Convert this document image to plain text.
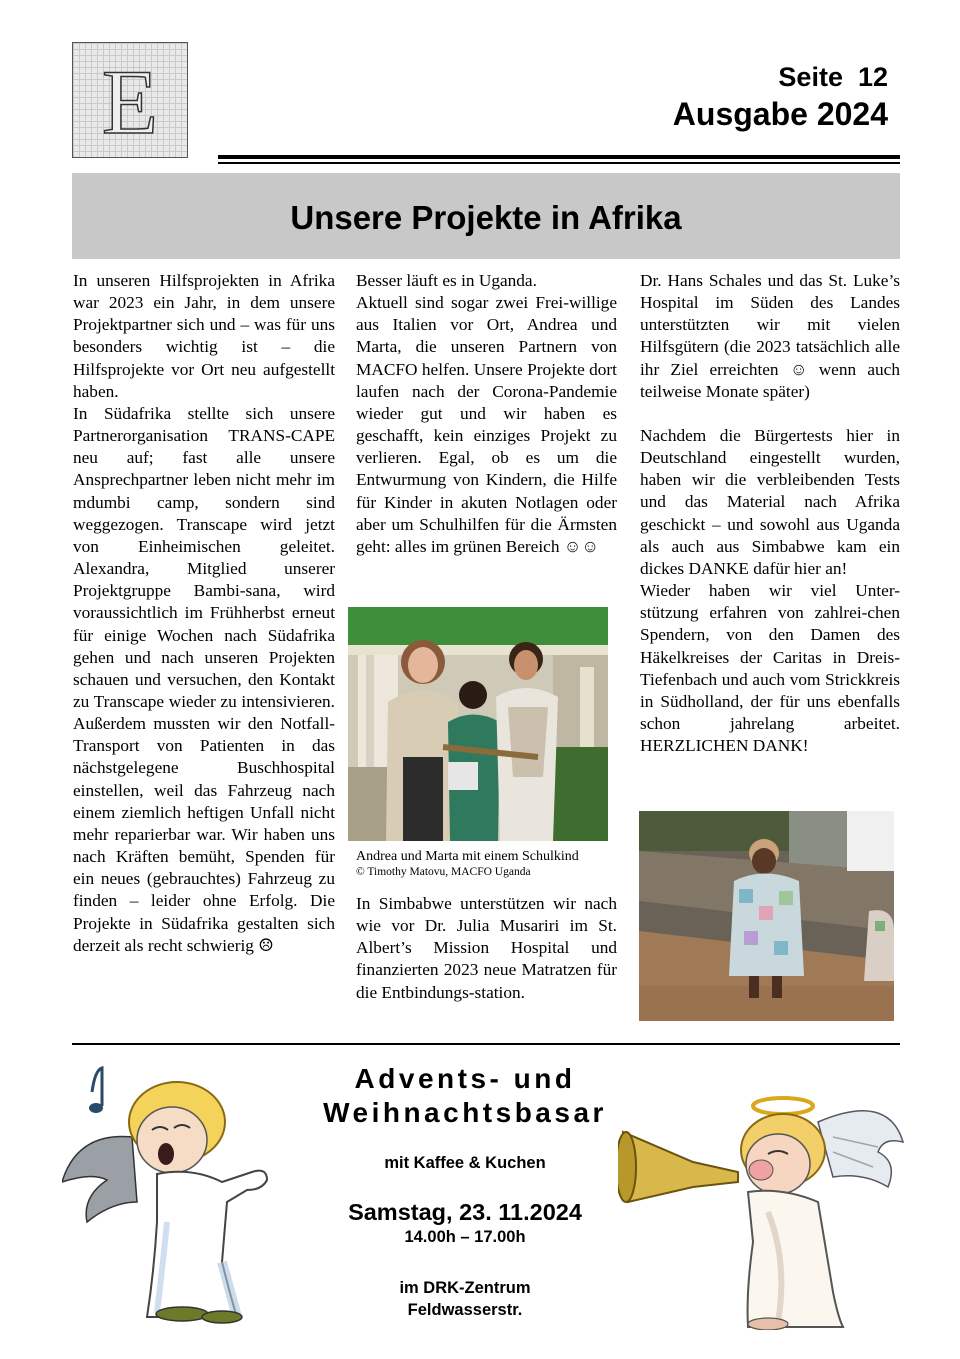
E	Seite  12
Ausgabe 2024
Unsere Projekte in Afrika

In unseren Hilfsprojekten in Afrika war 2023 ein Jahr, in dem unsere Projektpartner sich und – was für uns besonders wichtig ist – die Hilfsprojekte vor Ort neu aufgestellt haben.

In Südafrika stellte sich unsere Partnerorganisation TRANS-CAPE neu auf; fast alle unsere Ansprechpartner leben nicht mehr im mdumbi camp, sondern sind weggezogen. Transcape wird jetzt von Einheimischen geleitet. Alexandra, Mitglied unserer Projektgruppe Bambi-sana, wird voraussichtlich im Frühherbst erneut für einige Wochen nach Südafrika gehen und nach unseren Projekten schauen und versuchen, den Kontakt zu Transcape wieder zu intensivieren. Außerdem mussten wir den Notfall-Transport von Patienten in das nächstgelegene Buschhospital einstellen, weil das Fahrzeug nach einem ziemlich heftigen Unfall nicht mehr reparierbar war. Wir haben uns nach Kräften bemüht, Spenden für ein neues (gebrauchtes) Fahrzeug zu finden – leider ohne Erfolg. Die Projekte in Südafrika gestalten sich derzeit als recht schwierig ☹

Besser läuft es in Uganda.

Aktuell sind sogar zwei Frei-willige aus Italien vor Ort, Andrea und Marta, die unseren Partnern von MACFO helfen. Unsere Projekte dort laufen nach der Corona-Pandemie wieder gut und wir haben es geschafft, kein einziges Projekt zu verlieren. Egal, ob es um die Entwurmung von Kindern, die Hilfe für Kinder in akuten Notlagen oder aber um Schulhilfen für die Ärmsten geht: alles im grünen Bereich ☺☺

Andrea und Marta mit einem Schulkind
© Timothy Matovu, MACFO Uganda

In Simbabwe unterstützen wir nach wie vor Dr. Julia Musariri im St. Albert’s Mission Hospital und finanzierten 2023 neue Matratzen für die Entbindungs-station.

Dr. Hans Schales und das St. Luke’s Hospital im Süden des Landes unterstützten wir mit vielen Hilfsgütern (die 2023 tatsächlich alle ihr Ziel erreichten ☺ wenn auch teilweise Monate später)

Nachdem die Bürgertests hier in Deutschland eingestellt wurden, haben wir die verbleibenden Tests und das Material nach Afrika geschickt – und sowohl aus Uganda als auch aus Simbabwe kam ein dickes DANKE dafür hier an!

Wieder haben wir viel Unter-stützung erfahren von zahlrei-chen Spendern, von den Damen des Häkelkreises der Caritas in Dreis-Tiefenbach und auch vom Strickkreis in Südholland, der für uns ebenfalls schon jahrelang arbeitet. HERZLICHEN DANK!

Advents- und
Weihnachtsbasar
mit Kaffee & Kuchen
Samstag, 23. 11.2024
14.00h – 17.00h
im DRK-Zentrum
Feldwasserstr.
